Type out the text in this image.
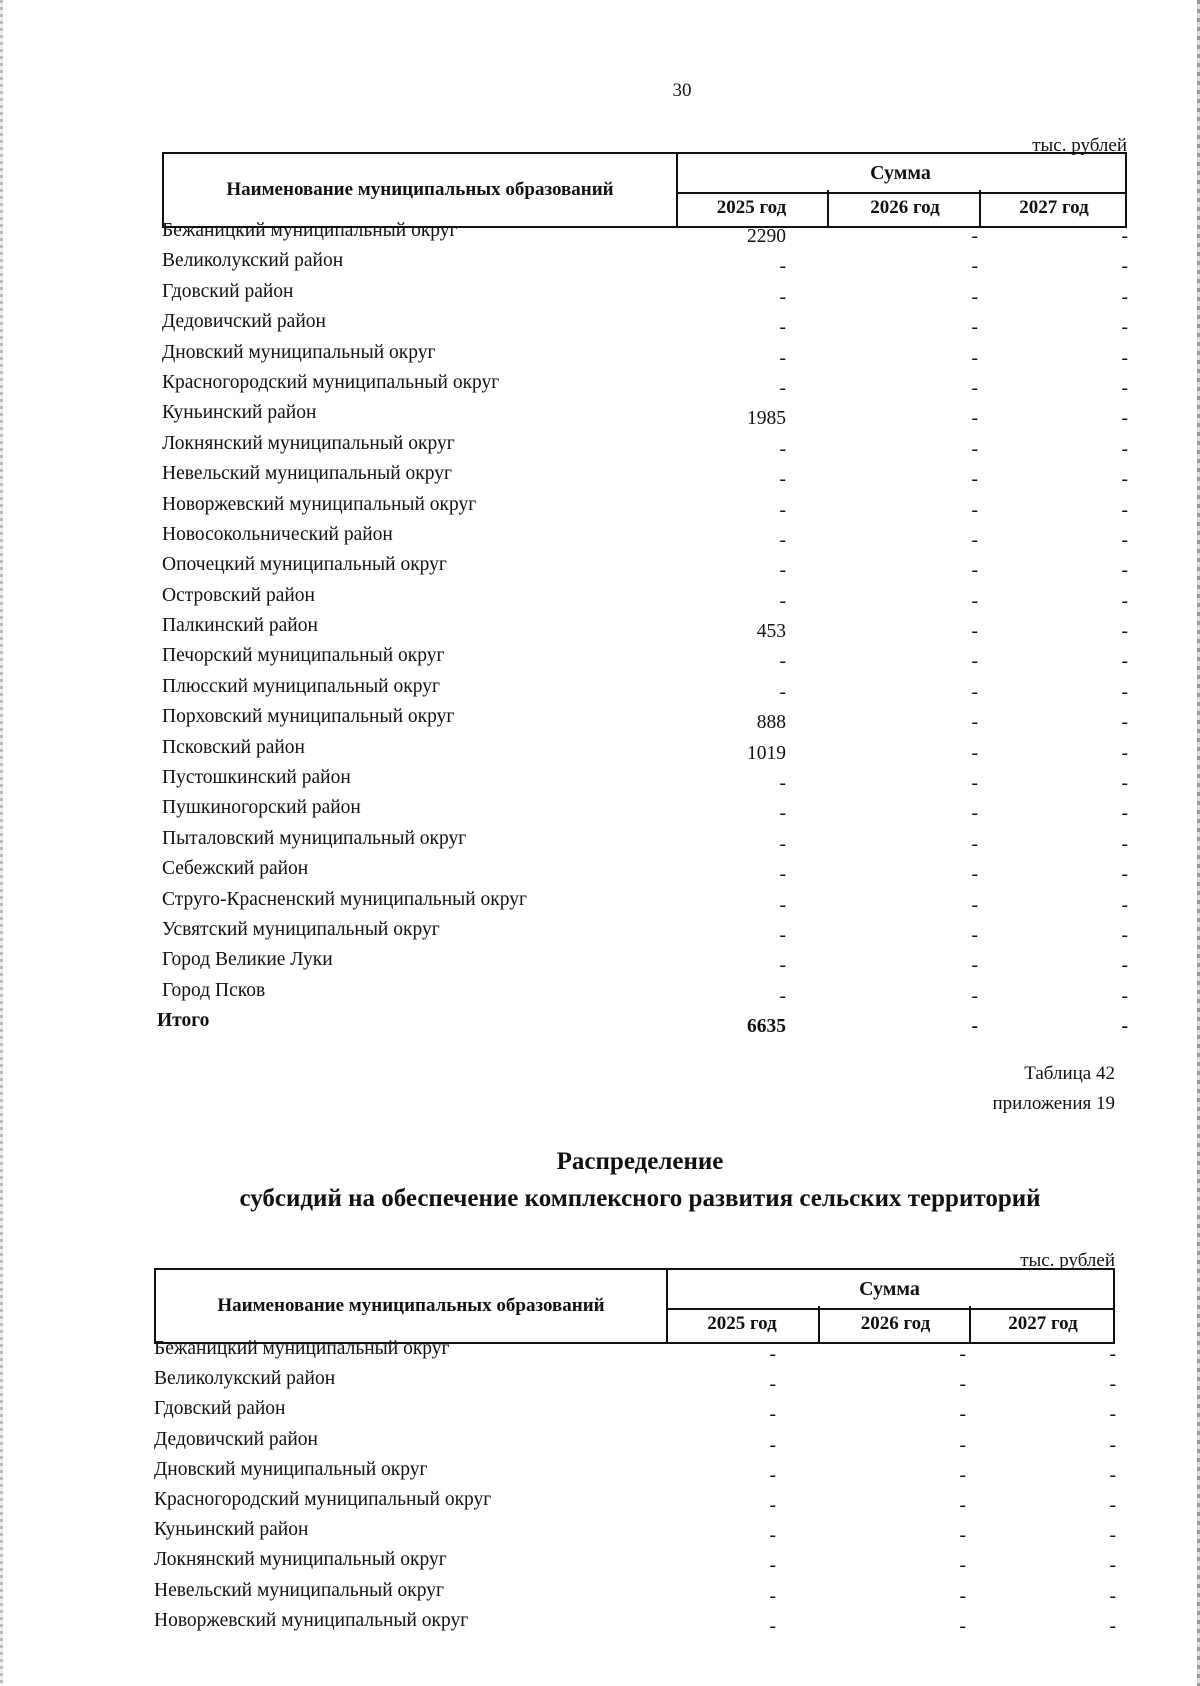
30
тыс. рублей
Наименование муниципальных образований
Сумма
2025 год	2026 год	2027 год
Бежаницкий муниципальный округ	2290	-	-
Великолукский район	-	-	-
Гдовский район	-	-	-
Дедовичский район	-	-	-
Дновский муниципальный округ	-	-	-
Красногородский муниципальный округ	-	-	-
Куньинский район	1985	-	-
Локнянский муниципальный округ	-	-	-
Невельский муниципальный округ	-	-	-
Новоржевский муниципальный округ	-	-	-
Новосокольнический район	-	-	-
Опочецкий муниципальный округ	-	-	-
Островский район	-	-	-
Палкинский район	453	-	-
Печорский муниципальный округ	-	-	-
Плюсский муниципальный округ	-	-	-
Порховский муниципальный округ	888	-	-
Псковский район	1019	-	-
Пустошкинский район	-	-	-
Пушкиногорский район	-	-	-
Пыталовский муниципальный округ	-	-	-
Себежский район	-	-	-
Струго-Красненский муниципальный округ	-	-	-
Усвятский муниципальный округ	-	-	-
Город Великие Луки	-	-	-
Город Псков	-	-	-
Итого	6635	-	-
Таблица 42
приложения 19
Распределение
субсидий на обеспечение комплексного развития сельских территорий
тыс. рублей
Наименование муниципальных образований
Сумма
2025 год	2026 год	2027 год
Бежаницкий муниципальный округ	-	-	-
Великолукский район	-	-	-
Гдовский район	-	-	-
Дедовичский район	-	-	-
Дновский муниципальный округ	-	-	-
Красногородский муниципальный округ	-	-	-
Куньинский район	-	-	-
Локнянский муниципальный округ	-	-	-
Невельский муниципальный округ	-	-	-
Новоржевский муниципальный округ	-	-	-
